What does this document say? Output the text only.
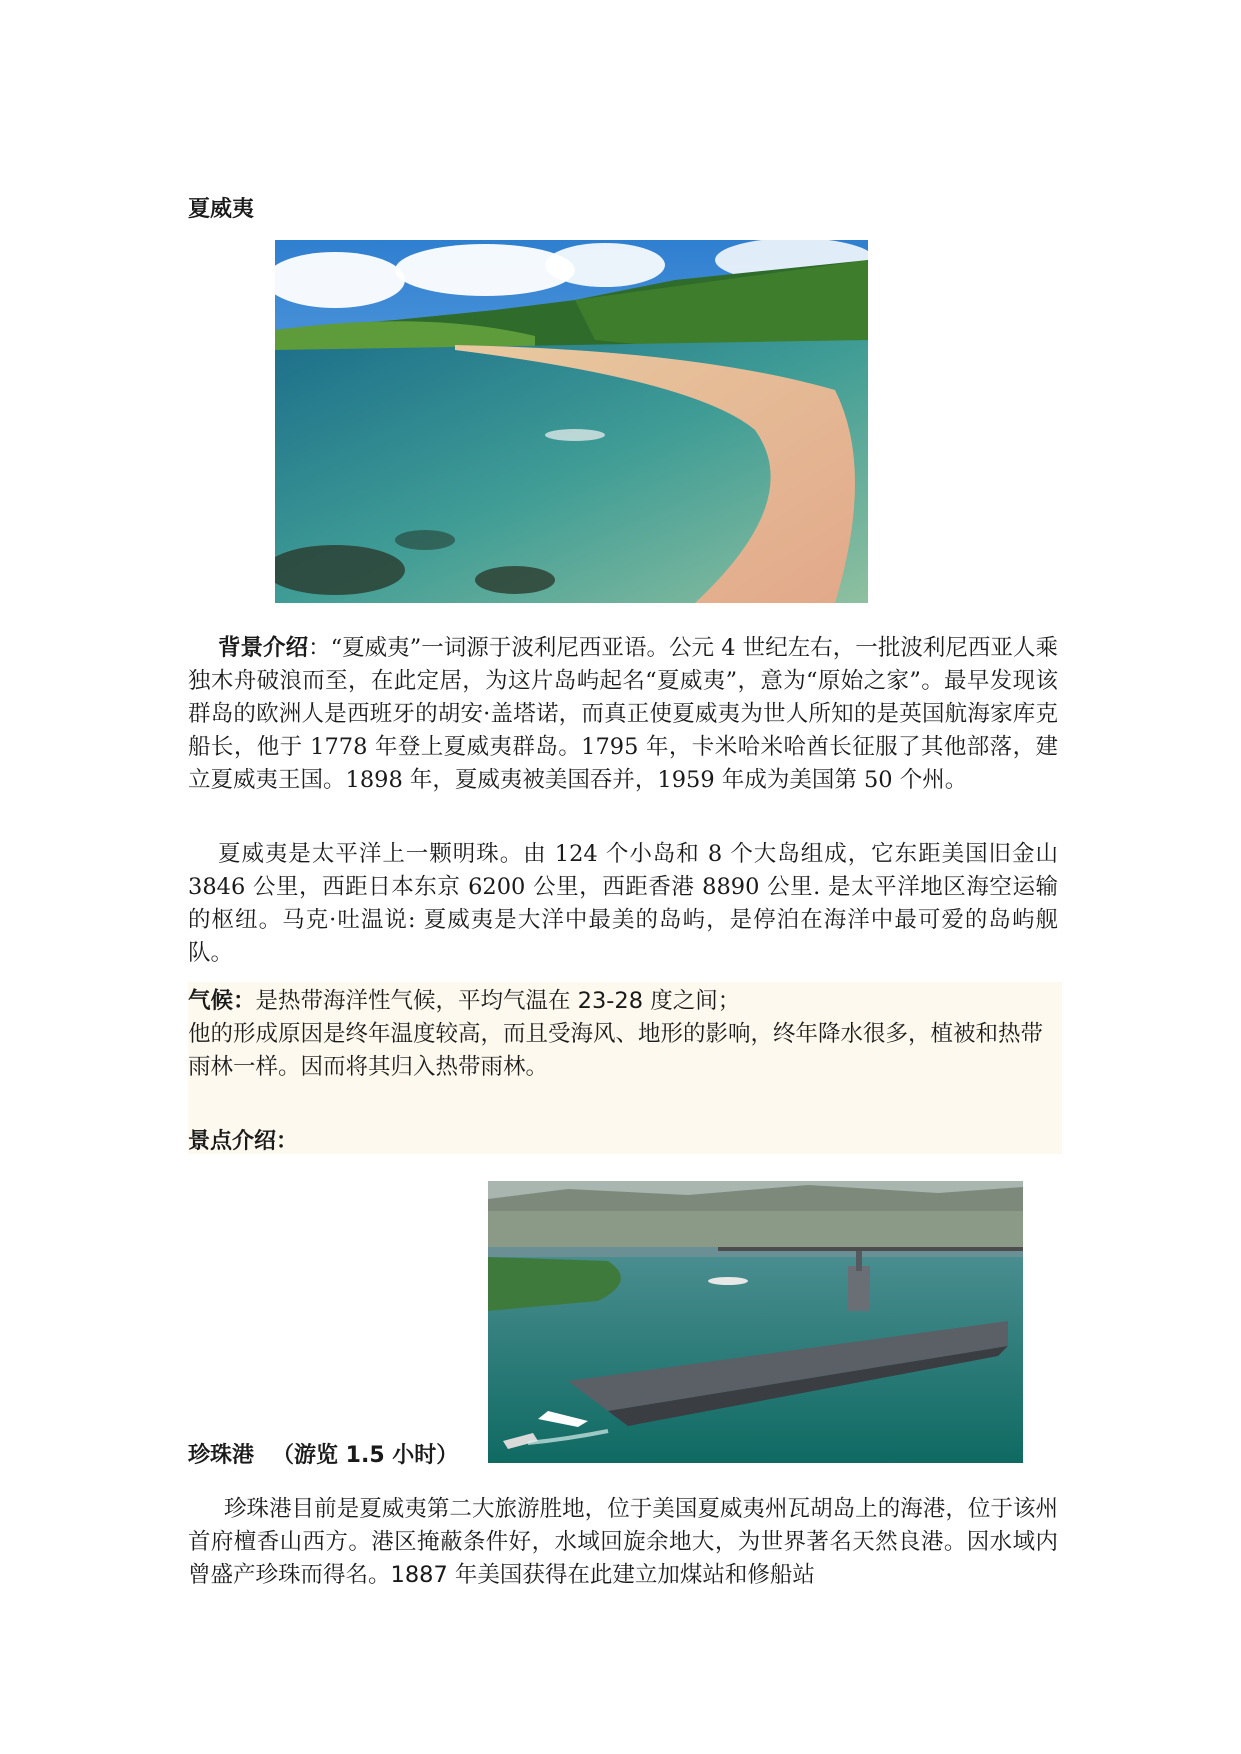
夏威夷

背景介绍：“夏威夷”一词源于波利尼西亚语。公元 4 世纪左右，一批波利尼西亚人乘独木舟破浪而至，在此定居，为这片岛屿起名“夏威夷”，意为“原始之家”。最早发现该群岛的欧洲人是西班牙的胡安·盖塔诺，而真正使夏威夷为世人所知的是英国航海家库克船长，他于 1778 年登上夏威夷群岛。1795 年，卡米哈米哈酋长征服了其他部落，建立夏威夷王国。1898 年，夏威夷被美国吞并，1959 年成为美国第 50 个州。

夏威夷是太平洋上一颗明珠。由 124 个小岛和 8 个大岛组成，它东距美国旧金山 3846 公里，西距日本东京 6200 公里，西距香港 8890 公里. 是太平洋地区海空运输的枢纽。马克·吐温说: 夏威夷是大洋中最美的岛屿，是停泊在海洋中最可爱的岛屿舰队。

气候：是热带海洋性气候，平均气温在 23-28 度之间；
他的形成原因是终年温度较高，而且受海风、地形的影响，终年降水很多，植被和热带雨林一样。因而将其归入热带雨林。

景点介绍：
珍珠港 （游览 1.5 小时）

珍珠港目前是夏威夷第二大旅游胜地，位于美国夏威夷州瓦胡岛上的海港，位于该州首府檀香山西方。港区掩蔽条件好，水域回旋余地大，为世界著名天然良港。因水域内曾盛产珍珠而得名。1887 年美国获得在此建立加煤站和修船站
